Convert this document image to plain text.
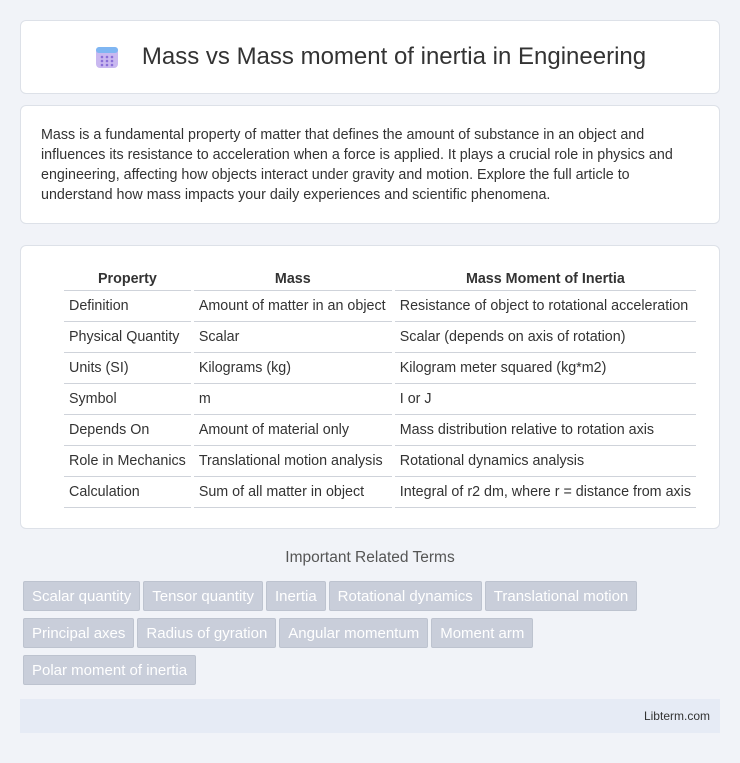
Mass vs Mass moment of inertia in Engineering

Mass is a fundamental property of matter that defines the amount of substance in an object and influences its resistance to acceleration when a force is applied. It plays a crucial role in physics and engineering, affecting how objects interact under gravity and motion. Explore the full article to understand how mass impacts your daily experiences and scientific phenomena.

Property	Mass	Mass Moment of Inertia
Definition	Amount of matter in an object	Resistance of object to rotational acceleration
Physical Quantity	Scalar	Scalar (depends on axis of rotation)
Units (SI)	Kilograms (kg)	Kilogram meter squared (kg*m2)
Symbol	m	I or J
Depends On	Amount of material only	Mass distribution relative to rotation axis
Role in Mechanics	Translational motion analysis	Rotational dynamics analysis
Calculation	Sum of all matter in object	Integral of r2 dm, where r = distance from axis
Important Related Terms
Scalar quantity Tensor quantity Inertia Rotational dynamics Translational motion
Principal axes Radius of gyration Angular momentum Moment arm
Polar moment of inertia
Libterm.com
